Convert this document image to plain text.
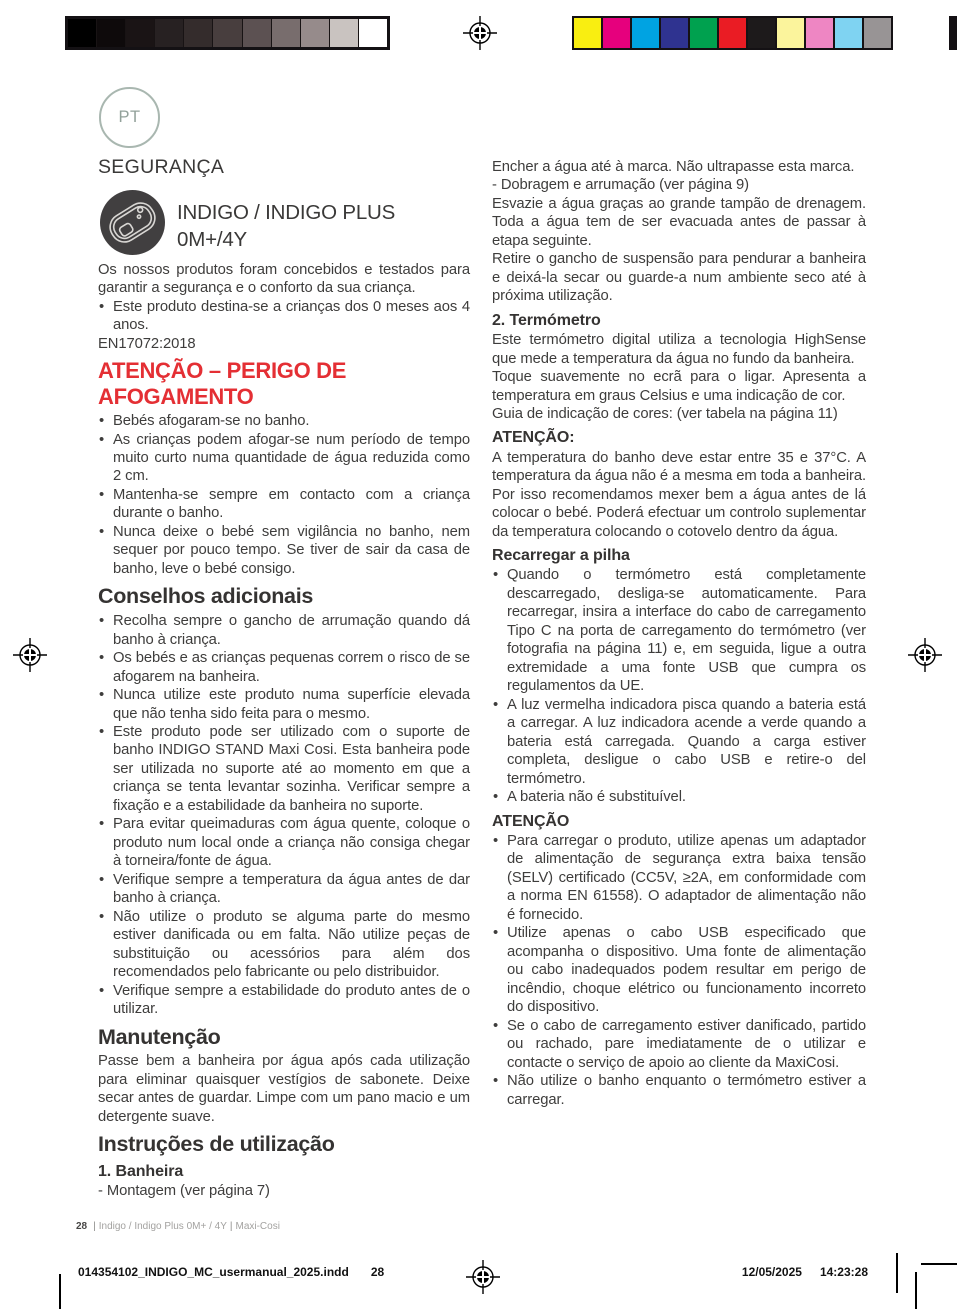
PT
SEGURANÇA
INDIGO / INDIGO PLUS
0M+/4Y
Os nossos produtos foram concebidos e testados para garantir a segurança e o conforto da sua criança.
• Este produto destina-se a crianças dos 0 meses aos 4 anos.
EN17072:2018
ATENÇÃO – PERIGO DE AFOGAMENTO
• Bebés afogaram-se no banho.
• As crianças podem afogar-se num período de tempo muito curto numa quantidade de água reduzida como 2 cm.
• Mantenha-se sempre em contacto com a criança durante o banho.
• Nunca deixe o bebé sem vigilância no banho, nem sequer por pouco tempo. Se tiver de sair da casa de banho, leve o bebé consigo.
Conselhos adicionais
• Recolha sempre o gancho de arrumação quando dá banho à criança.
• Os bebés e as crianças pequenas correm o risco de se afogarem na banheira.
• Nunca utilize este produto numa superfície elevada que não tenha sido feita para o mesmo.
• Este produto pode ser utilizado com o suporte de banho INDIGO STAND Maxi Cosi. Esta banheira pode ser utilizada no suporte até ao momento em que a criança se tenta levantar sozinha. Verificar sempre a fixação e a estabilidade da banheira no suporte.
• Para evitar queimaduras com água quente, coloque o produto num local onde a criança não consiga chegar à torneira/fonte de água.
• Verifique sempre a temperatura da água antes de dar banho à criança.
• Não utilize o produto se alguma parte do mesmo estiver danificada ou em falta. Não utilize peças de substituição ou acessórios para além dos recomendados pelo fabricante ou pelo distribuidor.
• Verifique sempre a estabilidade do produto antes de o utilizar.
Manutenção
Passe bem a banheira por água após cada utilização para eliminar quaisquer vestígios de sabonete. Deixe secar antes de guardar. Limpe com um pano macio e um detergente suave.
Instruções de utilização
1. Banheira
- Montagem (ver página 7)
Encher a água até à marca. Não ultrapasse esta marca.
- Dobragem e arrumação (ver página 9)
Esvazie a água graças ao grande tampão de drenagem. Toda a água tem de ser evacuada antes de passar à etapa seguinte.
Retire o gancho de suspensão para pendurar a banheira e deixá-la secar ou guarde-a num ambiente seco até à próxima utilização.
2. Termómetro
Este termómetro digital utiliza a tecnologia HighSense que mede a temperatura da água no fundo da banheira.
Toque suavemente no ecrã para o ligar. Apresenta a temperatura em graus Celsius e uma indicação de cor.
Guia de indicação de cores: (ver tabela na página 11)
ATENÇÃO:
A temperatura do banho deve estar entre 35 e 37°C. A temperatura da água não é a mesma em toda a banheira. Por isso recomendamos mexer bem a água antes de lá colocar o bebé. Poderá efectuar um controlo suplementar da temperatura colocando o cotovelo dentro da água.
Recarregar a pilha
• Quando o termómetro está completamente descarregado, desliga-se automaticamente. Para recarregar, insira a interface do cabo de carregamento Tipo C na porta de carregamento do termómetro (ver fotografia na página 11) e, em seguida, ligue a outra extremidade a uma fonte USB que cumpra os regulamentos da UE.
• A luz vermelha indicadora pisca quando a bateria está a carregar. A luz indicadora acende a verde quando a bateria está carregada. Quando a carga estiver completa, desligue o cabo USB e retire-o del termómetro.
• A bateria não é substituível.
ATENÇÃO
• Para carregar o produto, utilize apenas um adaptador de alimentação de segurança extra baixa tensão (SELV) certificado (CC5V, ≥2A, em conformidade com a norma EN 61558). O adaptador de alimentação não é fornecido.
• Utilize apenas o cabo USB especificado que acompanha o dispositivo. Uma fonte de alimentação ou cabo inadequados podem resultar em perigo de incêndio, choque elétrico ou funcionamento incorreto do dispositivo.
• Se o cabo de carregamento estiver danificado, partido ou rachado, pare imediatamente de o utilizar e contacte o serviço de apoio ao cliente da MaxiCosi.
• Não utilize o banho enquanto o termómetro estiver a carregar.
28 | Indigo / Indigo Plus 0M+ / 4Y | Maxi-Cosi
014354102_INDIGO_MC_usermanual_2025.indd 28	12/05/2025 14:23:28
